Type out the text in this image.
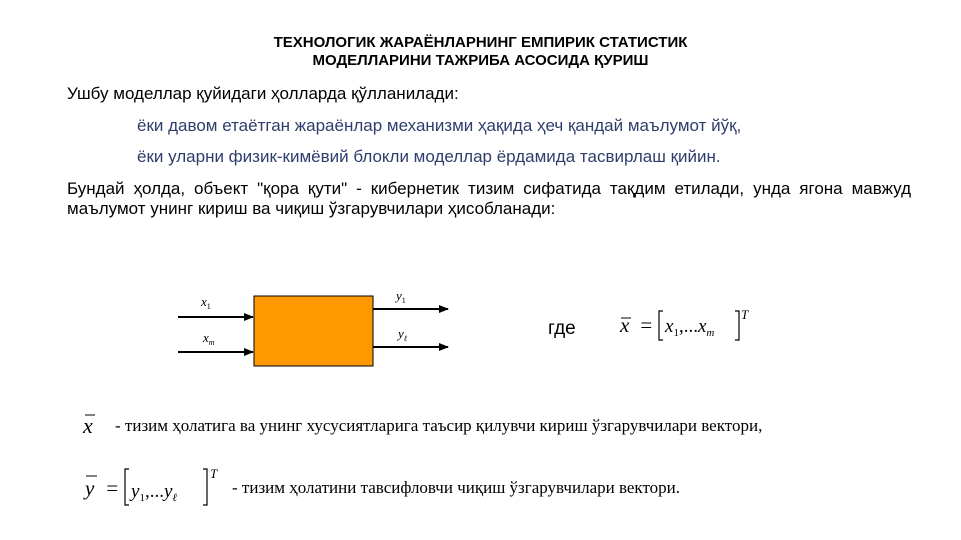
ТЕХНОЛОГИК ЖАРАЁНЛАРНИНГ ЕМПИРИК СТАТИСТИК
МОДЕЛЛАРИНИ ТАЖРИБА АСОСИДА ҚУРИШ
Ушбу моделлар қуйидаги ҳолларда қўлланилади:
ёки давом етаётган жараёнлар механизми ҳақида ҳеч қандай маълумот йўқ,
ёки уларни физик-кимёвий блокли моделлар ёрдамида тасвирлаш қийин.
Бундай ҳолда, объект "қора қути" - кибернетик тизим сифатида тақдим етилади, унда ягона мавжуд маълумот унинг кириш ва чиқиш ўзгарувчилари ҳисобланади:
$x_1$
$x_m$
$y_1$
$y_\ell$	где $x = x_1,...x_m$
T
x - тизим ҳолатига ва унинг хусусиятларига таъсир қилувчи кириш ўзгарувчилари вектори,
$y = y_1,...y_\ell$
T
- тизим ҳолатини тавсифловчи чиқиш ўзгарувчилари вектори.
